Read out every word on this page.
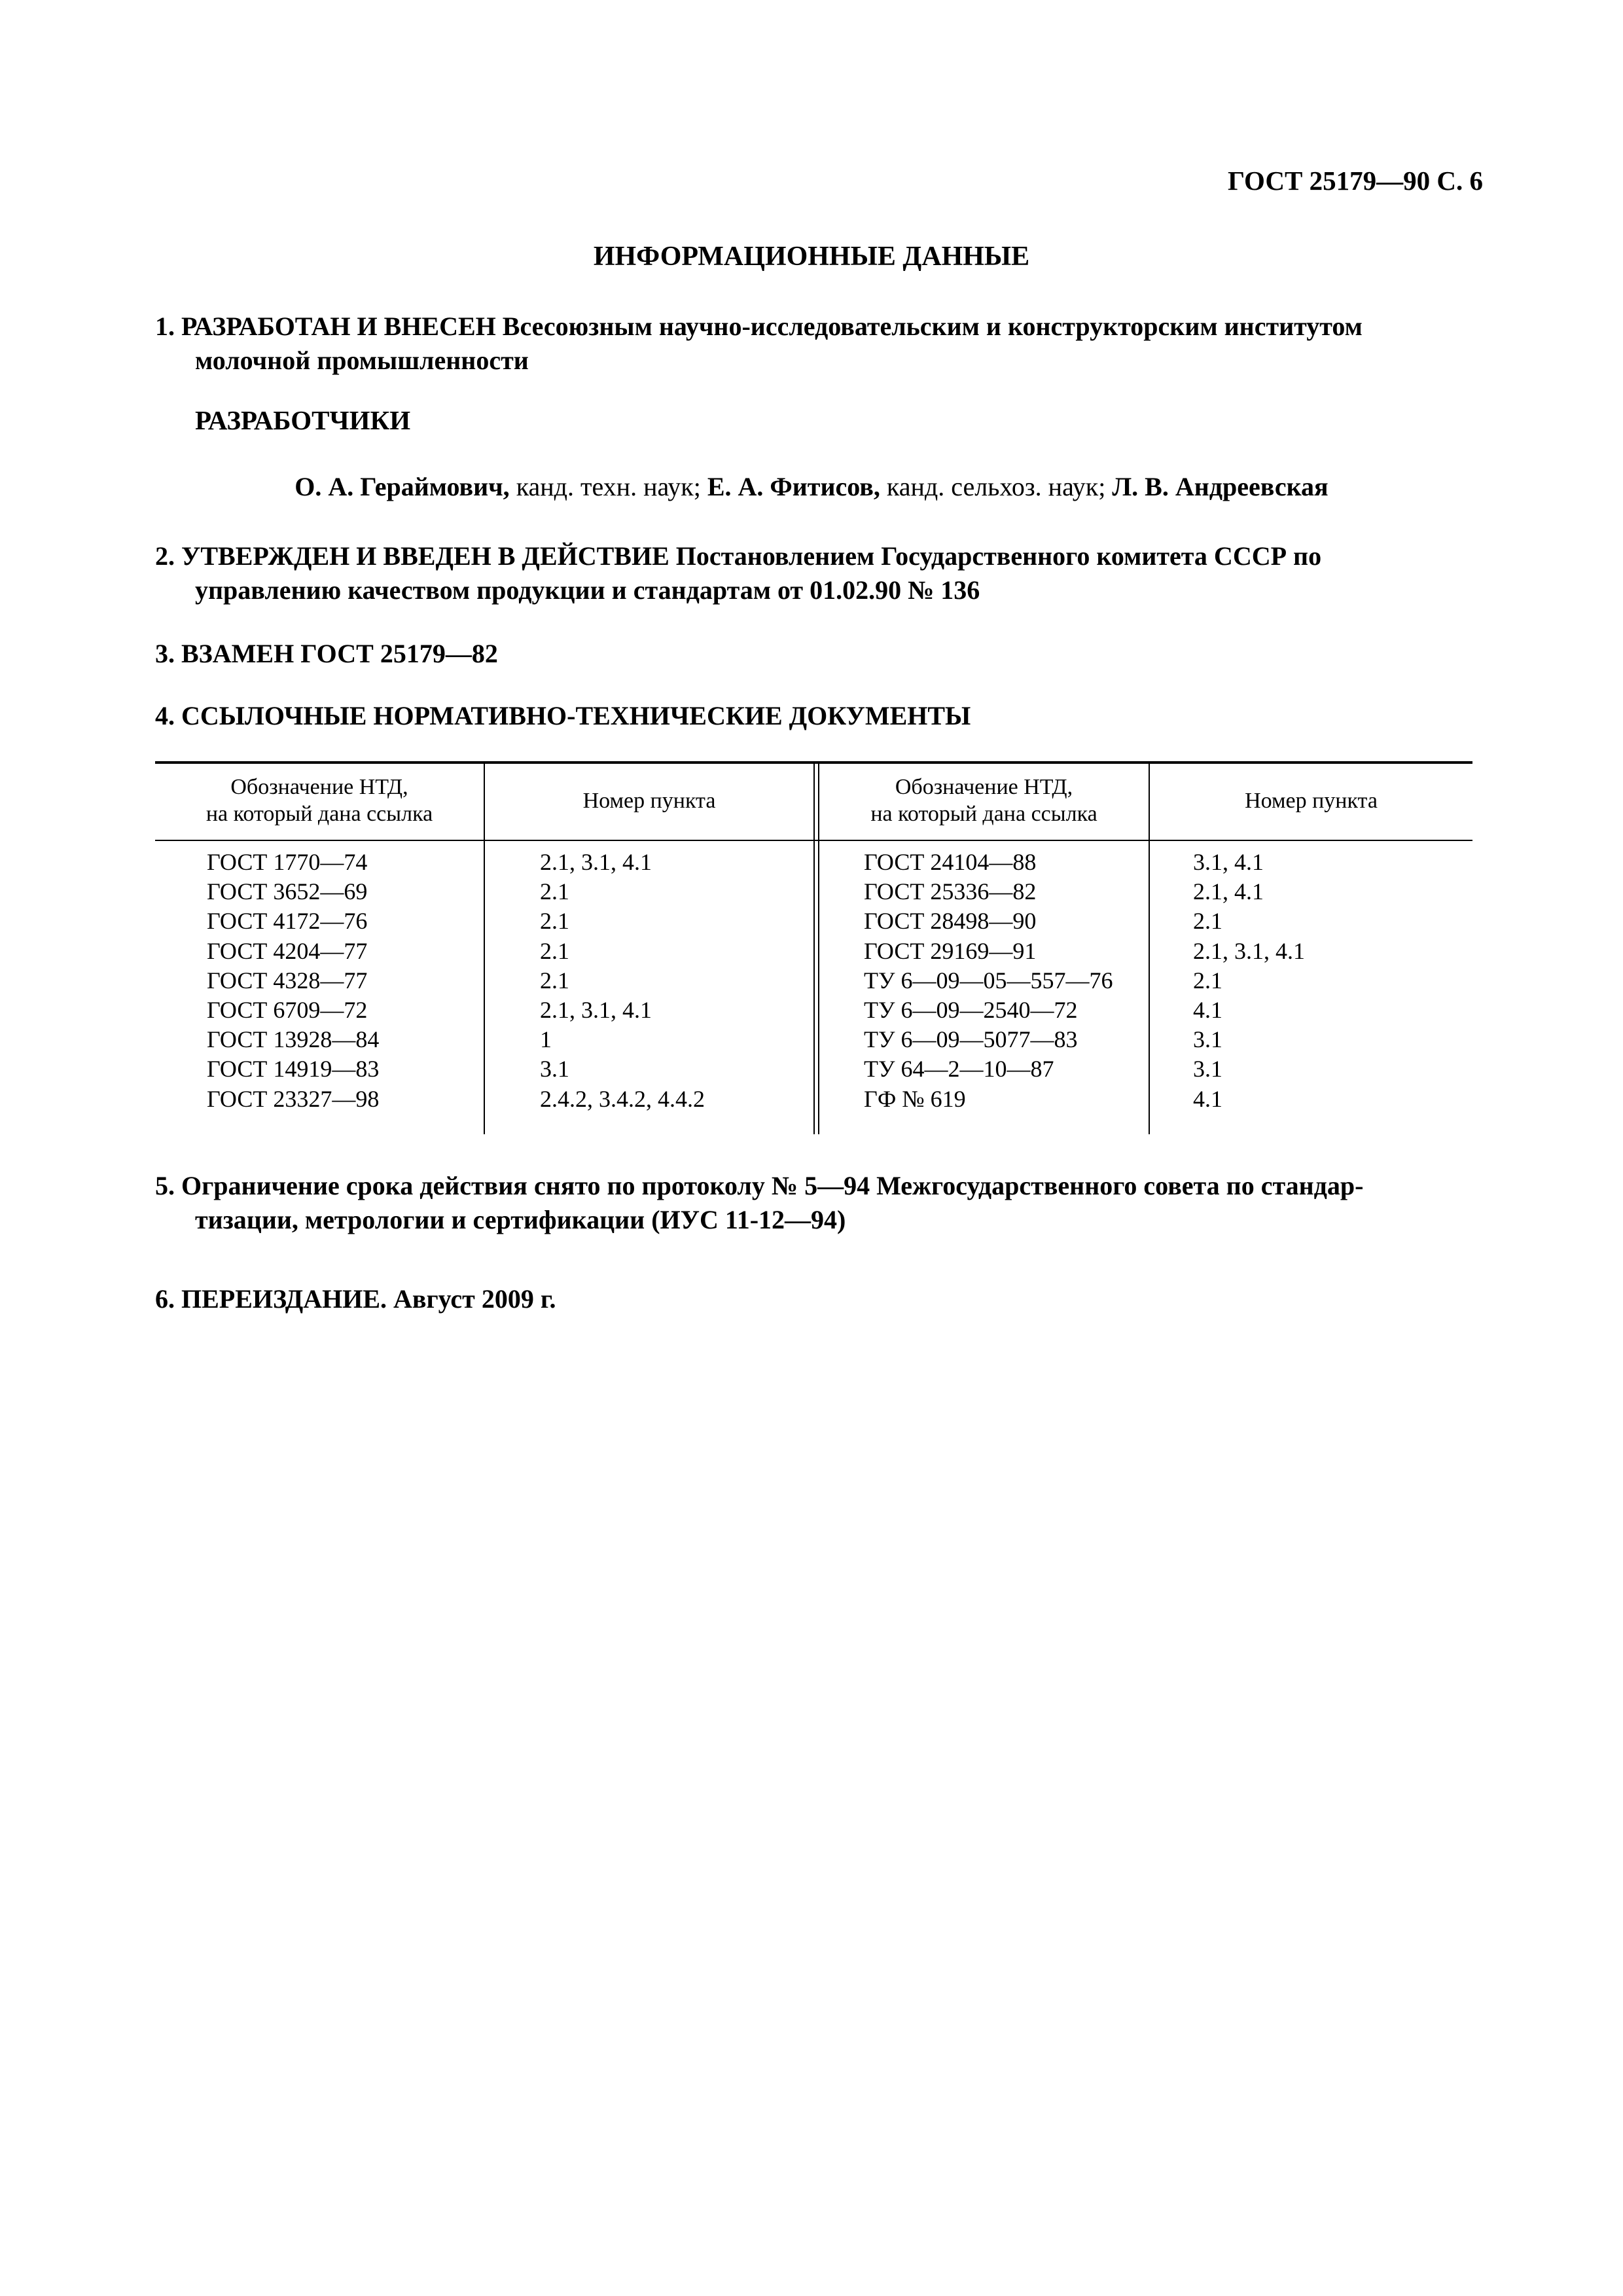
ГОСТ 25179—90 С. 6
ИНФОРМАЦИОННЫЕ ДАННЫЕ
1. РАЗРАБОТАН И ВНЕСЕН Всесоюзным научно-исследовательским и конструкторским институтом
молочной промышленности
РАЗРАБОТЧИКИ
О. А. Гераймович, канд. техн. наук; Е. А. Фитисов, канд. сельхоз. наук; Л. В. Андреевская
2. УТВЕРЖДЕН И ВВЕДЕН В ДЕЙСТВИЕ Постановлением Государственного комитета СССР по
управлению качеством продукции и стандартам от 01.02.90 № 136
3. ВЗАМЕН ГОСТ 25179—82
4. ССЫЛОЧНЫЕ НОРМАТИВНО-ТЕХНИЧЕСКИЕ ДОКУМЕНТЫ
Обозначение НТД,
на который дана ссылка
Номер пункта
Обозначение НТД,
на который дана ссылка
Номер пункта
ГОСТ 1770—74
ГОСТ 3652—69
ГОСТ 4172—76
ГОСТ 4204—77
ГОСТ 4328—77
ГОСТ 6709—72
ГОСТ 13928—84
ГОСТ 14919—83
ГОСТ 23327—98
2.1, 3.1, 4.1
2.1
2.1
2.1
2.1
2.1, 3.1, 4.1
1
3.1
2.4.2, 3.4.2, 4.4.2
ГОСТ 24104—88
ГОСТ 25336—82
ГОСТ 28498—90
ГОСТ 29169—91
ТУ 6—09—05—557—76
ТУ 6—09—2540—72
ТУ 6—09—5077—83
ТУ 64—2—10—87
ГФ № 619
3.1, 4.1
2.1, 4.1
2.1
2.1, 3.1, 4.1
2.1
4.1
3.1
3.1
4.1
5. Ограничение срока действия снято по протоколу № 5—94 Межгосударственного совета по стандар-
тизации, метрологии и сертификации (ИУС 11-12—94)
6. ПЕРЕИЗДАНИЕ. Август 2009 г.
